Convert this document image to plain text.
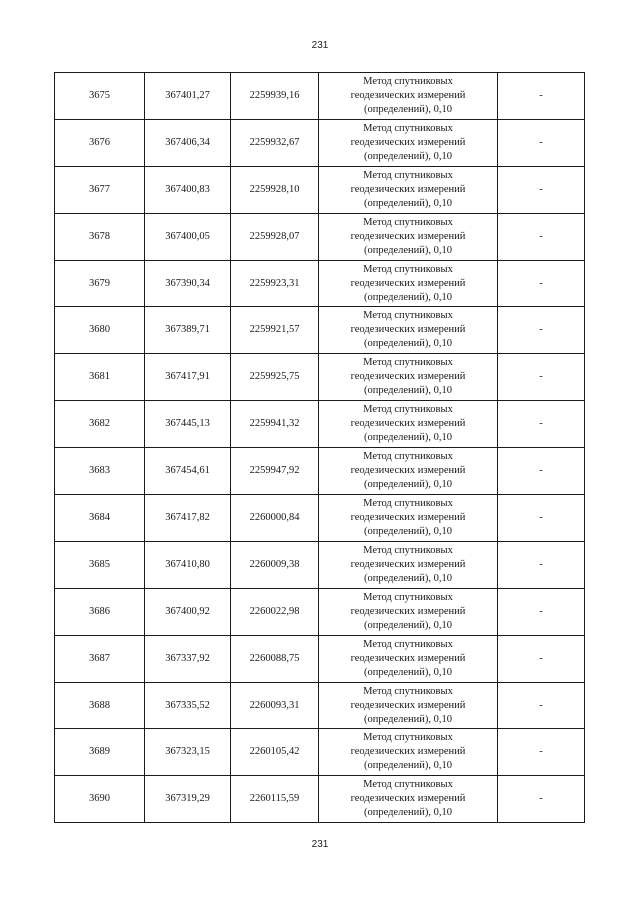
231
3675	367401,27	2259939,16	Метод спутниковых
геодезических измерений
(определений), 0,10	-
3676	367406,34	2259932,67	Метод спутниковых
геодезических измерений
(определений), 0,10	-
3677	367400,83	2259928,10	Метод спутниковых
геодезических измерений
(определений), 0,10	-
3678	367400,05	2259928,07	Метод спутниковых
геодезических измерений
(определений), 0,10	-
3679	367390,34	2259923,31	Метод спутниковых
геодезических измерений
(определений), 0,10	-
3680	367389,71	2259921,57	Метод спутниковых
геодезических измерений
(определений), 0,10	-
3681	367417,91	2259925,75	Метод спутниковых
геодезических измерений
(определений), 0,10	-
3682	367445,13	2259941,32	Метод спутниковых
геодезических измерений
(определений), 0,10	-
3683	367454,61	2259947,92	Метод спутниковых
геодезических измерений
(определений), 0,10	-
3684	367417,82	2260000,84	Метод спутниковых
геодезических измерений
(определений), 0,10	-
3685	367410,80	2260009,38	Метод спутниковых
геодезических измерений
(определений), 0,10	-
3686	367400,92	2260022,98	Метод спутниковых
геодезических измерений
(определений), 0,10	-
3687	367337,92	2260088,75	Метод спутниковых
геодезических измерений
(определений), 0,10	-
3688	367335,52	2260093,31	Метод спутниковых
геодезических измерений
(определений), 0,10	-
3689	367323,15	2260105,42	Метод спутниковых
геодезических измерений
(определений), 0,10	-
3690	367319,29	2260115,59	Метод спутниковых
геодезических измерений
(определений), 0,10	-
231
